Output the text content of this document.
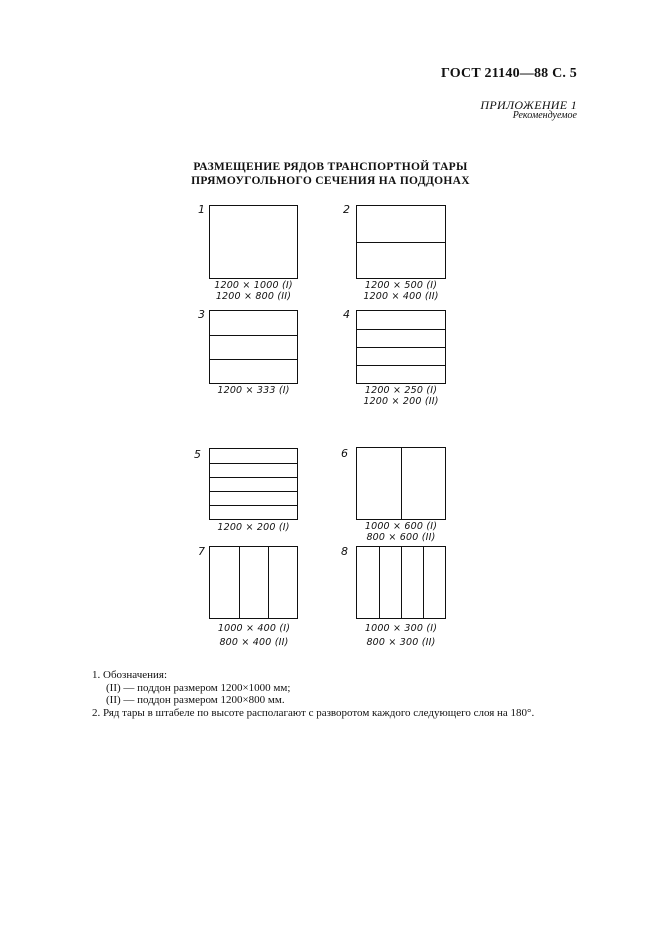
ГОСТ 21140—88 С. 5
ПРИЛОЖЕНИЕ 1
Рекомендуемое
РАЗМЕЩЕНИЕ РЯДОВ ТРАНСПОРТНОЙ ТАРЫ
ПРЯМОУГОЛЬНОГО СЕЧЕНИЯ НА ПОДДОНАХ
1
1200 × 1000 (I)
1200 × 800 (II)
2
1200 × 500 (I)
1200 × 400 (II)
3
1200 × 333 (I)
4
1200 × 250 (I)
1200 × 200 (II)
5
1200 × 200 (I)
6
1000 × 600 (I)
800 × 600 (II)
7
1000 × 400 (I)
800 × 400 (II)
8
1000 × 300 (I)
800 × 300 (II)
1. Обозначения:
(II) — поддон размером 1200×1000 мм;
(II) — поддон размером 1200×800 мм.
2. Ряд тары в штабеле по высоте располагают с разворотом каждого следующего слоя на 180°.
